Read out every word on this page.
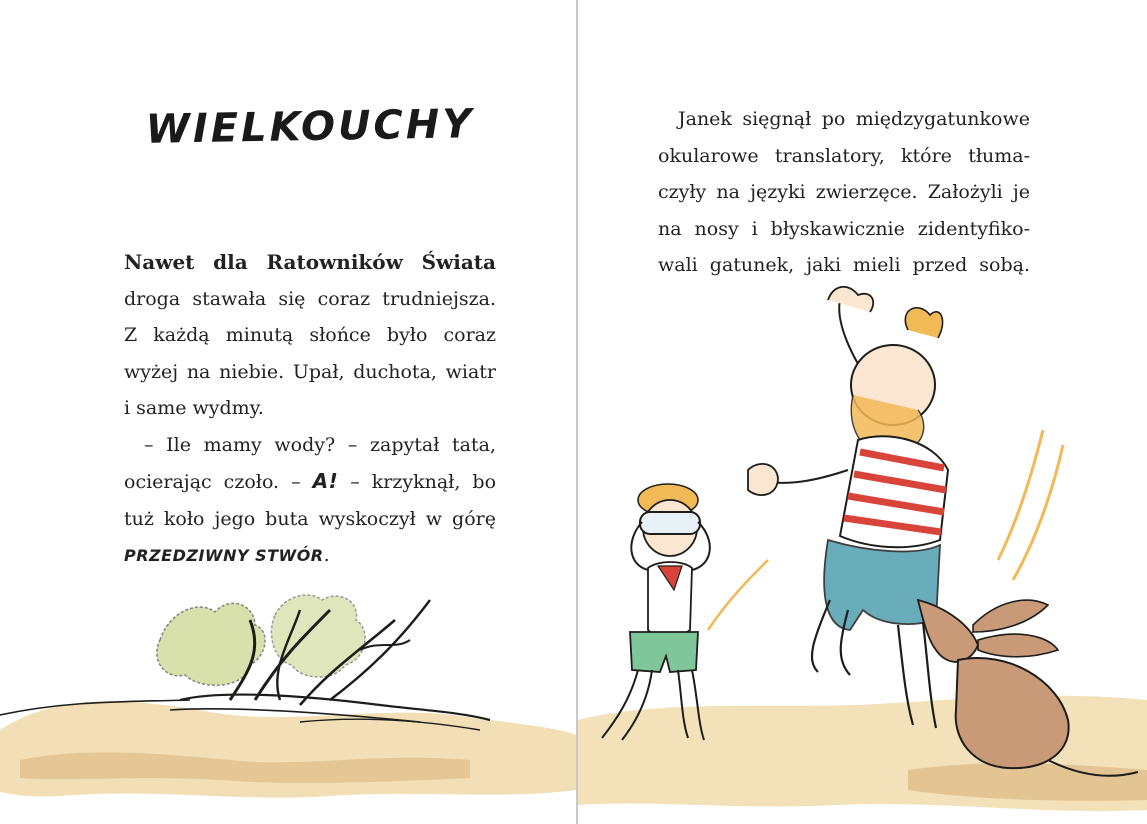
WIELKOUCHY
Nawet dla Ratowników Świata
droga stawała się coraz trudniejsza.
Z każdą minutą słońce było coraz
wyżej na niebie. Upał, duchota, wiatr
i same wydmy.
– Ile mamy wody? – zapytał tata,
ocierając czoło. – A! – krzyknął, bo
tuż koło jego buta wyskoczył w górę
PRZEDZIWNY STWÓR.
Janek sięgnął po międzygatunkowe
okularowe translatory, które tłuma-
czyły na języki zwierzęce. Założyli je
na nosy i błyskawicznie zidentyfiko-
wali gatunek, jaki mieli przed sobą.
